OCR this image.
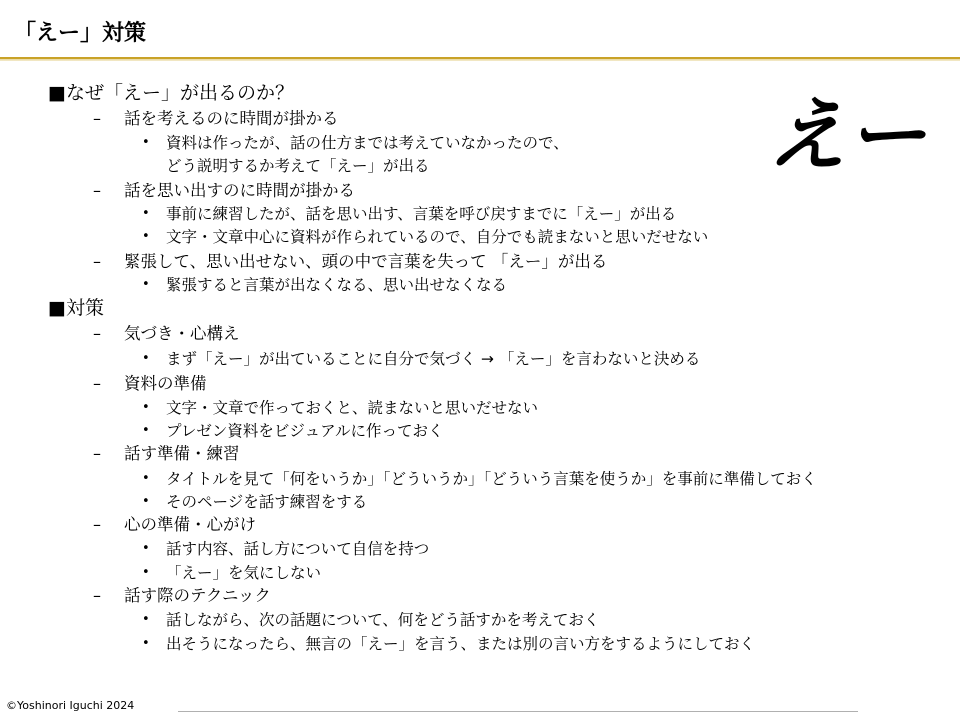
「えー」対策
えー
■なぜ「えー」が出るのか？
– 話を考えるのに時間が掛かる
• 資料は作ったが、話の仕方までは考えていなかったので、
どう説明するか考えて「えー」が出る
– 話を思い出すのに時間が掛かる
• 事前に練習したが、話を思い出す、言葉を呼び戻すまでに「えー」が出る
• 文字・文章中心に資料が作られているので、自分でも読まないと思いだせない
– 緊張して、思い出せない、頭の中で言葉を失って 「えー」が出る
• 緊張すると言葉が出なくなる、思い出せなくなる
■対策
– 気づき・心構え
• まず「えー」が出ていることに自分で気づく → 「えー」を言わないと決める
– 資料の準備
• 文字・文章で作っておくと、読まないと思いだせない
• プレゼン資料をビジュアルに作っておく
– 話す準備・練習
• タイトルを見て「何をいうか」「どういうか」「どういう言葉を使うか」を事前に準備しておく
• そのページを話す練習をする
– 心の準備・心がけ
• 話す内容、話し方について自信を持つ
• 「えー」を気にしない
– 話す際のテクニック
• 話しながら、次の話題について、何をどう話すかを考えておく
• 出そうになったら、無言の「えー」を言う、または別の言い方をするようにしておく
©Yoshinori Iguchi 2024
